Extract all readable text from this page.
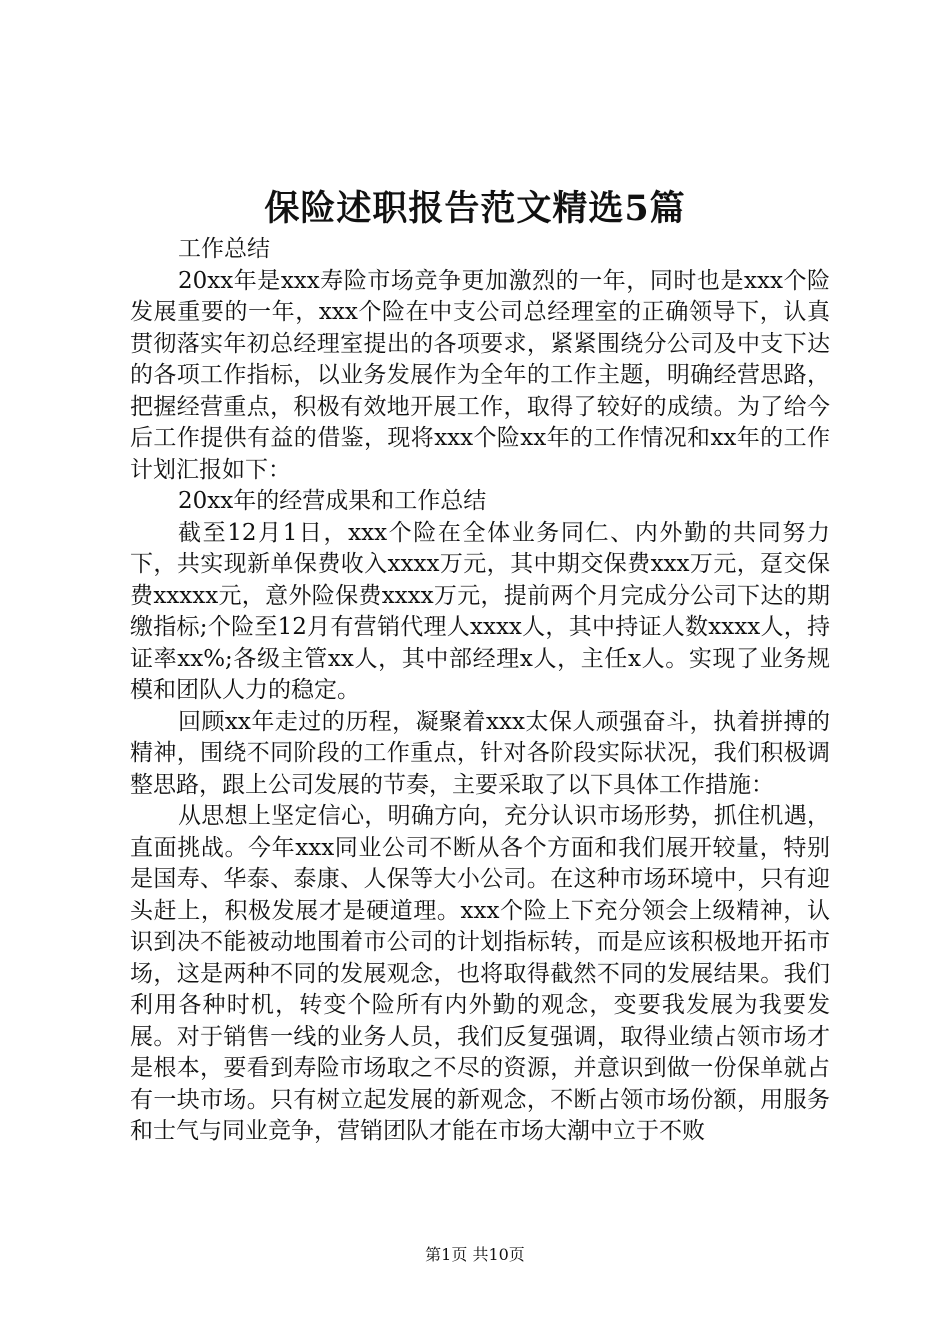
保险述职报告范文精选5篇

工作总结

20xx年是xxx寿险市场竞争更加激烈的一年，同时也是xxx个险发展重要的一年，xxx个险在中支公司总经理室的正确领导下，认真贯彻落实年初总经理室提出的各项要求，紧紧围绕分公司及中支下达的各项工作指标，以业务发展作为全年的工作主题，明确经营思路，把握经营重点，积极有效地开展工作，取得了较好的成绩。为了给今后工作提供有益的借鉴，现将xxx个险xx年的工作情况和xx年的工作计划汇报如下：

20xx年的经营成果和工作总结

截至12月1日，xxx个险在全体业务同仁、内外勤的共同努力下，共实现新单保费收入xxxx万元，其中期交保费xxx万元，趸交保费xxxxx元，意外险保费xxxx万元，提前两个月完成分公司下达的期缴指标;个险至12月有营销代理人xxxx人，其中持证人数xxxx人，持证率xx%;各级主管xx人，其中部经理x人，主任x人。实现了业务规模和团队人力的稳定。

回顾xx年走过的历程，凝聚着xxx太保人顽强奋斗，执着拼搏的精神，围绕不同阶段的工作重点，针对各阶段实际状况，我们积极调整思路，跟上公司发展的节奏，主要采取了以下具体工作措施：

从思想上坚定信心，明确方向，充分认识市场形势，抓住机遇，直面挑战。今年xxx同业公司不断从各个方面和我们展开较量，特别是国寿、华泰、泰康、人保等大小公司。在这种市场环境中，只有迎头赶上，积极发展才是硬道理。xxx个险上下充分领会上级精神，认识到决不能被动地围着市公司的计划指标转，而是应该积极地开拓市场，这是两种不同的发展观念，也将取得截然不同的发展结果。我们利用各种时机，转变个险所有内外勤的观念，变要我发展为我要发展。对于销售一线的业务人员，我们反复强调，取得业绩占领市场才是根本，要看到寿险市场取之不尽的资源，并意识到做一份保单就占有一块市场。只有树立起发展的新观念，不断占领市场份额，用服务和士气与同业竞争，营销团队才能在市场大潮中立于不败

第1页 共10页
